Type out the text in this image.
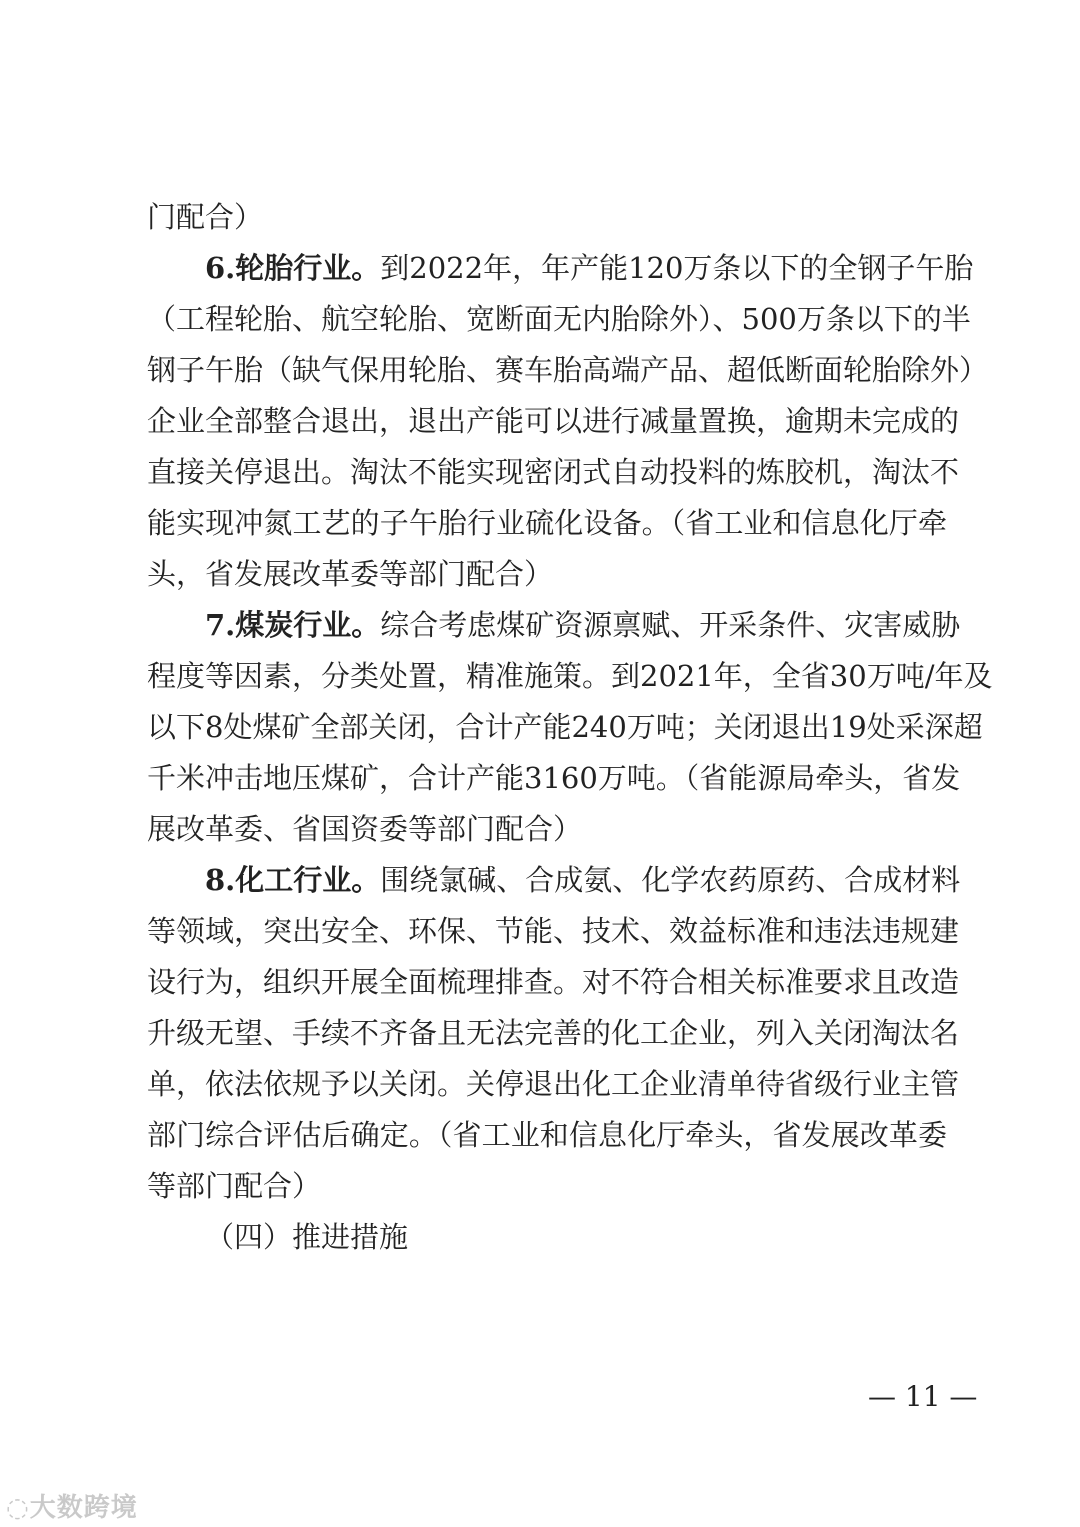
门配合）
6.轮胎行业。到2022年，年产能120万条以下的全钢子午胎
（工程轮胎、航空轮胎、宽断面无内胎除外）、500万条以下的半
钢子午胎（缺气保用轮胎、赛车胎高端产品、超低断面轮胎除外）
企业全部整合退出，退出产能可以进行减量置换，逾期未完成的
直接关停退出。淘汰不能实现密闭式自动投料的炼胶机，淘汰不
能实现冲氮工艺的子午胎行业硫化设备。（省工业和信息化厅牵
头，省发展改革委等部门配合）
7.煤炭行业。综合考虑煤矿资源禀赋、开采条件、灾害威胁
程度等因素，分类处置，精准施策。到2021年，全省30万吨/年及
以下8处煤矿全部关闭，合计产能240万吨；关闭退出19处采深超
千米冲击地压煤矿，合计产能3160万吨。（省能源局牵头，省发
展改革委、省国资委等部门配合）
8.化工行业。围绕氯碱、合成氨、化学农药原药、合成材料
等领域，突出安全、环保、节能、技术、效益标准和违法违规建
设行为，组织开展全面梳理排查。对不符合相关标准要求且改造
升级无望、手续不齐备且无法完善的化工企业，列入关闭淘汰名
单，依法依规予以关闭。关停退出化工企业清单待省级行业主管
部门综合评估后确定。（省工业和信息化厅牵头，省发展改革委
等部门配合）
（四）推进措施
— 11 —
◌大数跨境
